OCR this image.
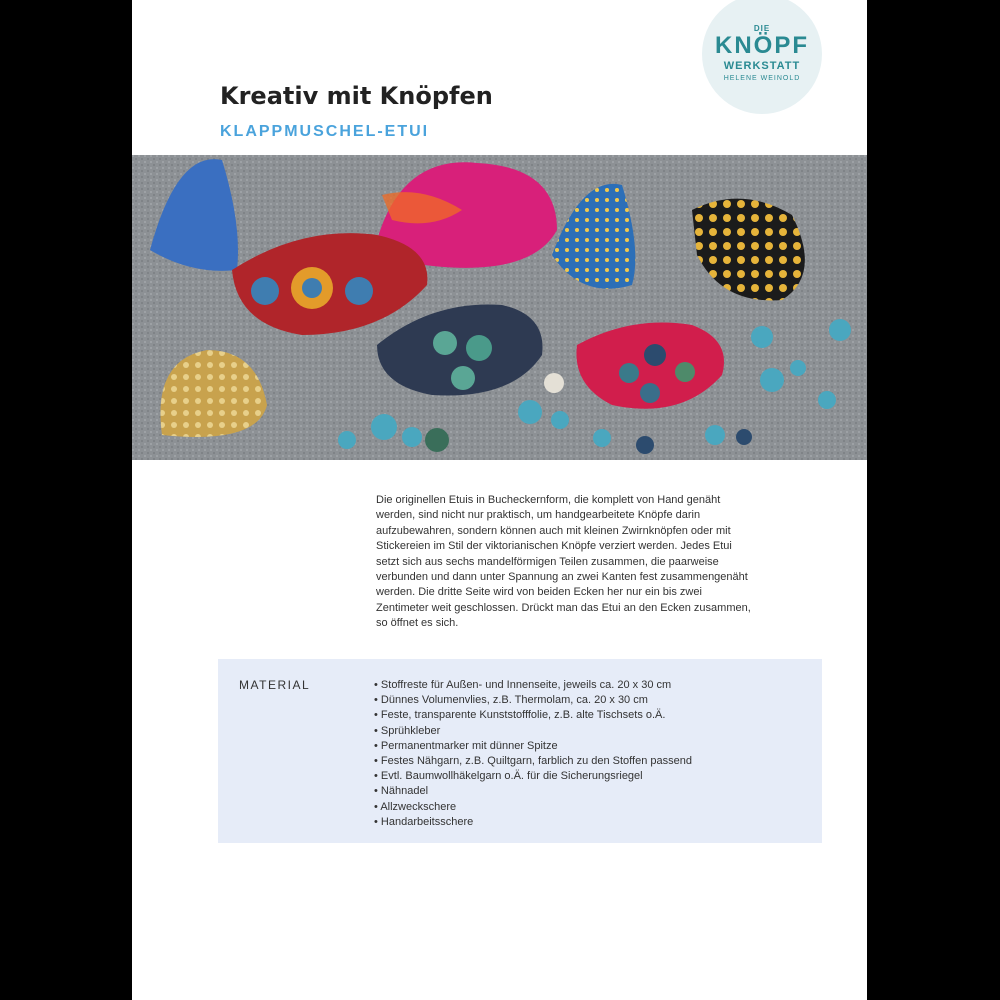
DIE
KNÖPF
WERKSTATT
HELENE WEINOLD
Kreativ mit Knöpfen
KLAPPMUSCHEL-ETUI

Die originellen Etuis in Bucheckernform, die komplett von Hand genäht werden, sind nicht nur praktisch, um handgearbeitete Knöpfe darin aufzubewahren, sondern können auch mit kleinen Zwirnknöpfen oder mit Stickereien im Stil der viktorianischen Knöpfe verziert werden. Jedes Etui setzt sich aus sechs mandelförmigen Teilen zusammen, die paarweise verbunden und dann unter Spannung an zwei Kanten fest zusammengenäht werden. Die dritte Seite wird von beiden Ecken her nur ein bis zwei Zentimeter weit geschlossen. Drückt man das Etui an den Ecken zusammen, so öffnet es sich.

MATERIAL
•	Stoffreste für Außen- und Innenseite, jeweils ca. 20 x 30 cm
• Dünnes Volumenvlies, z.B. Thermolam, ca. 20 x 30 cm
• Feste, transparente Kunststofffolie, z.B. alte Tischsets o.Ä.
• Sprühkleber
• Permanentmarker mit dünner Spitze
• Festes Nähgarn, z.B. Quiltgarn, farblich zu den Stoffen passend
• Evtl. Baumwollhäkelgarn o.Ä. für die Sicherungsriegel
• Nähnadel
• Allzweckschere
• Handarbeitsschere
